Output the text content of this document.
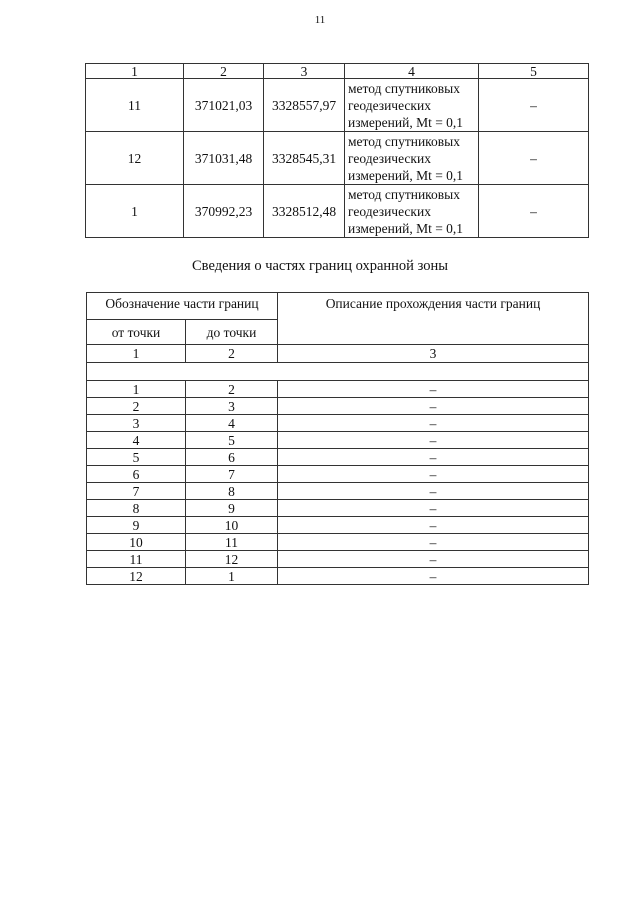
11
1	2	3	4	5
11	371021,03	3328557,97	метод спутниковых
геодезических
измерений, Mt = 0,1	–
12	371031,48	3328545,31	метод спутниковых
геодезических
измерений, Mt = 0,1	–
1	370992,23	3328512,48	метод спутниковых
геодезических
измерений, Mt = 0,1	–
Сведения о частях границ охранной зоны
Обозначение части границ		Описание прохождения части границ
от точки	до точки	
1	2	3

1	2	–
2	3	–
3	4	–
4	5	–
5	6	–
6	7	–
7	8	–
8	9	–
9	10	–
10	11	–
11	12	–
12	1	–
